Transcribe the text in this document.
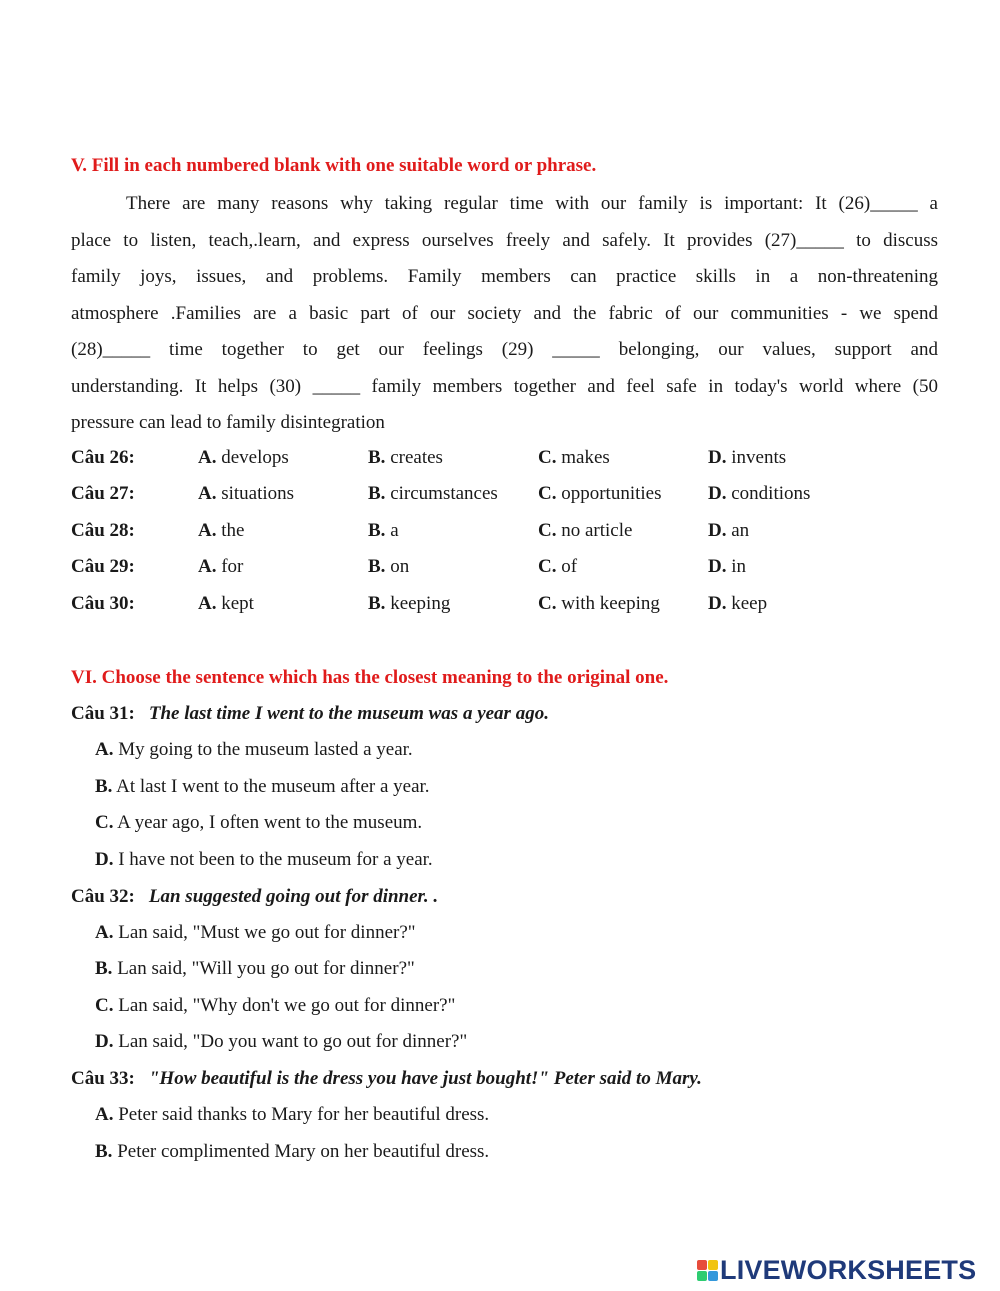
V. Fill in each numbered blank with one suitable word or phrase.
There are many reasons why taking regular time with our family is important: It (26)_____ a
place to listen, teach,.learn, and express ourselves freely and safely. It provides (27)_____ to discuss
family joys, issues, and problems. Family members can practice skills in a non-threatening
atmosphere .Families are a basic part of our society and the fabric of our communities - we spend
(28)_____ time together to get our feelings (29) _____ belonging, our values, support and
understanding. It helps (30) _____ family members together and feel safe in today's world where (50
pressure can lead to family disintegration
Câu 26:	A. develops	B. creates	C. makes	D. invents
Câu 27:	A. situations	B. circumstances C. opportunities D. conditions
Câu 28:	A. the	B. a	C. no article	D. an
Câu 29:	A. for	B. on	C. of	D. in
Câu 30:	A. kept	B. keeping	C. with keeping	D. keep
VI. Choose the sentence which has the closest meaning to the original one.
Câu 31: The last time I went to the museum was a year ago.
A. My going to the museum lasted a year.
B. At last I went to the museum after a year.
C. A year ago, I often went to the museum.
D. I have not been to the museum for a year.
Câu 32: Lan suggested going out for dinner. .
A. Lan said, "Must we go out for dinner?"
B. Lan said, "Will you go out for dinner?"
C. Lan said, "Why don't we go out for dinner?"
D. Lan said, "Do you want to go out for dinner?"
Câu 33: "How beautiful is the dress you have just bought!" Peter said to Mary.
A. Peter said thanks to Mary for her beautiful dress.
B. Peter complimented Mary on her beautiful dress.
LIVEWORKSHEETS
